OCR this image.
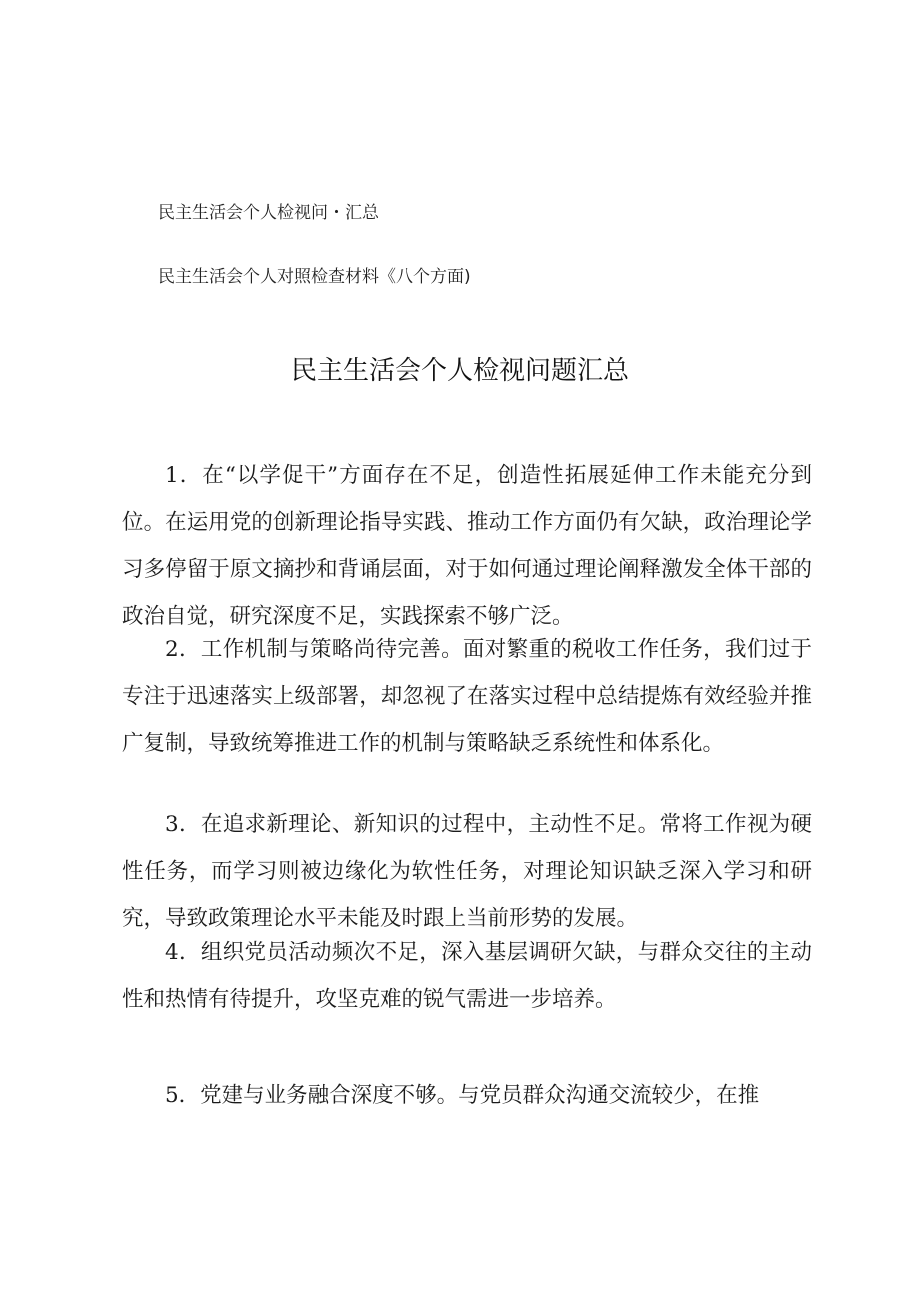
民主生活会个人检视问・汇总
民主生活会个人对照检查材料《八个方面)
民主生活会个人检视问题汇总

1．在“以学促干”方面存在不足，创造性拓展延伸工作未能充分到位。在运用党的创新理论指导实践、推动工作方面仍有欠缺，政治理论学习多停留于原文摘抄和背诵层面，对于如何通过理论阐释激发全体干部的政治自觉，研究深度不足，实践探索不够广泛。

2．工作机制与策略尚待完善。面对繁重的税收工作任务，我们过于专注于迅速落实上级部署，却忽视了在落实过程中总结提炼有效经验并推广复制，导致统筹推进工作的机制与策略缺乏系统性和体系化。

3．在追求新理论、新知识的过程中，主动性不足。常将工作视为硬性任务，而学习则被边缘化为软性任务，对理论知识缺乏深入学习和研究，导致政策理论水平未能及时跟上当前形势的发展。

4．组织党员活动频次不足，深入基层调研欠缺，与群众交往的主动性和热情有待提升，攻坚克难的锐气需进一步培养。

5．党建与业务融合深度不够。与党员群众沟通交流较少，在推
